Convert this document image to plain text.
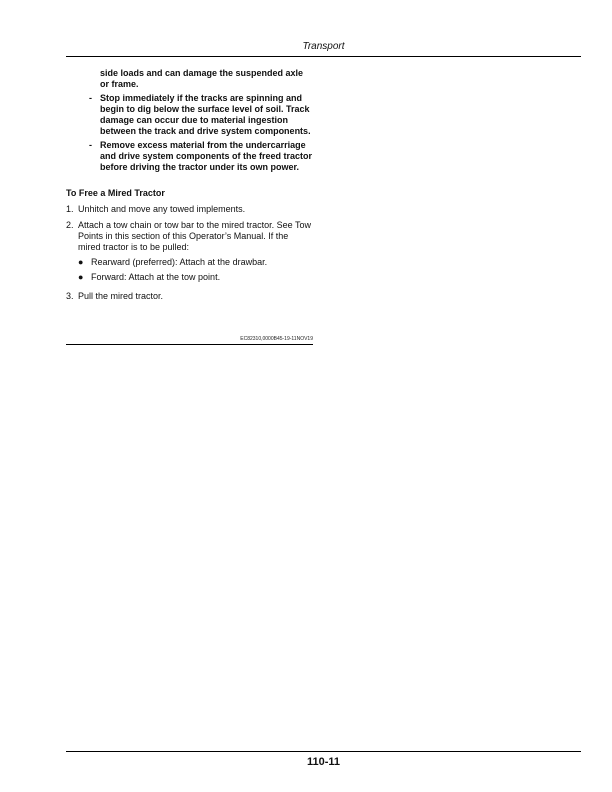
Transport
side loads and can damage the suspended axle or frame.
- Stop immediately if the tracks are spinning and begin to dig below the surface level of soil. Track damage can occur due to material ingestion between the track and drive system components.
- Remove excess material from the undercarriage and drive system components of the freed tractor before driving the tractor under its own power.
To Free a Mired Tractor
1. Unhitch and move any towed implements.
2. Attach a tow chain or tow bar to the mired tractor. See Tow Points in this section of this Operator’s Manual. If the mired tractor is to be pulled:
● Rearward (preferred): Attach at the drawbar.
● Forward: Attach at the tow point.
3. Pull the mired tractor.
EC82310,0000B45-19-11NOV19
110-11
